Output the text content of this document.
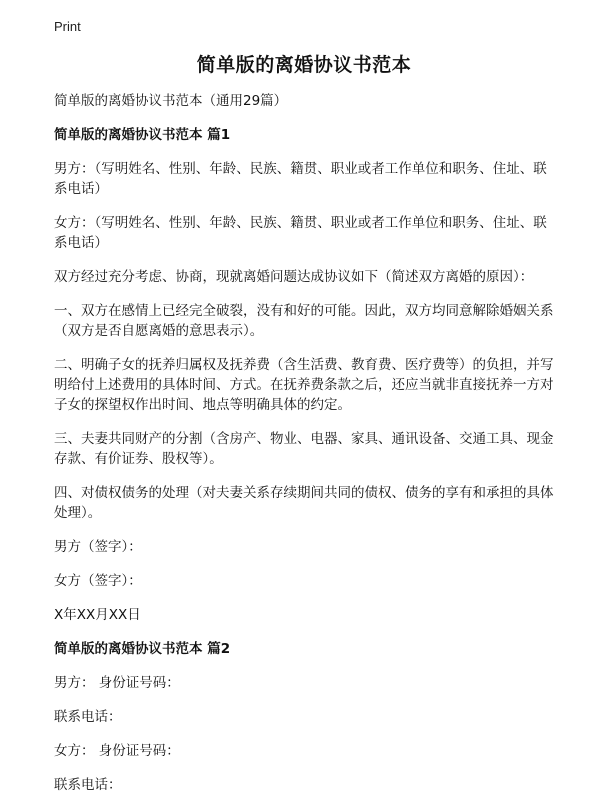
Print
简单版的离婚协议书范本

简单版的离婚协议书范本（通用29篇）

简单版的离婚协议书范本 篇1

男方：（写明姓名、性别、年龄、民族、籍贯、职业或者工作单位和职务、住址、联系电话）

女方：（写明姓名、性别、年龄、民族、籍贯、职业或者工作单位和职务、住址、联系电话）

双方经过充分考虑、协商，现就离婚问题达成协议如下（简述双方离婚的原因）：

一、双方在感情上已经完全破裂，没有和好的可能。因此，双方均同意解除婚姻关系（双方是否自愿离婚的意思表示）。

二、明确子女的抚养归属权及抚养费（含生活费、教育费、医疗费等）的负担，并写明给付上述费用的具体时间、方式。在抚养费条款之后，还应当就非直接抚养一方对子女的探望权作出时间、地点等明确具体的约定。

三、夫妻共同财产的分割（含房产、物业、电器、家具、通讯设备、交通工具、现金存款、有价证券、股权等）。

四、对债权债务的处理（对夫妻关系存续期间共同的债权、债务的享有和承担的具体处理）。

男方（签字）：

女方（签字）：

X年XX月XX日

简单版的离婚协议书范本 篇2

男方： 身份证号码：

联系电话：

女方： 身份证号码：

联系电话：
